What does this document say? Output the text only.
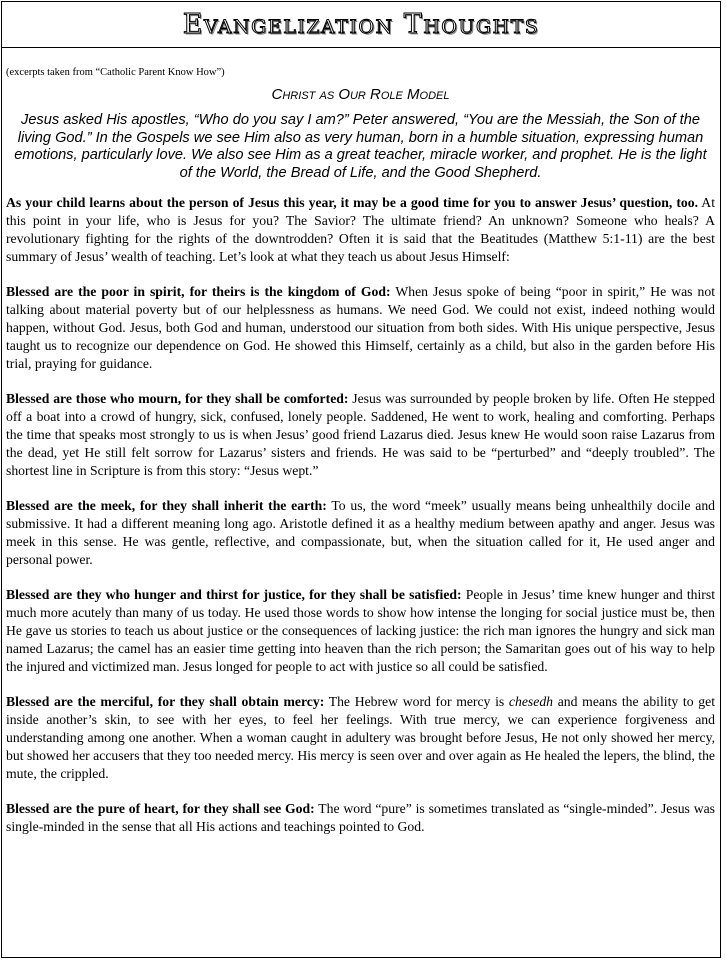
Evangelization Thoughts

(excerpts taken from “Catholic Parent Know How”)

Christ as Our Role Model

Jesus asked His apostles, “Who do you say I am?” Peter answered, “You are the Messiah, the Son of the living God.” In the Gospels we see Him also as very human, born in a humble situation, expressing human emotions, particularly love. We also see Him as a great teacher, miracle worker, and prophet. He is the light of the World, the Bread of Life, and the Good Shepherd.

As your child learns about the person of Jesus this year, it may be a good time for you to answer Jesus’ question, too. At this point in your life, who is Jesus for you? The Savior? The ultimate friend? An unknown? Someone who heals? A revolutionary fighting for the rights of the downtrodden? Often it is said that the Beatitudes (Matthew 5:1-11) are the best summary of Jesus’ wealth of teaching. Let’s look at what they teach us about Jesus Himself:

Blessed are the poor in spirit, for theirs is the kingdom of God: When Jesus spoke of being “poor in spirit,” He was not talking about material poverty but of our helplessness as humans. We need God. We could not exist, indeed nothing would happen, without God. Jesus, both God and human, understood our situation from both sides. With His unique perspective, Jesus taught us to recognize our dependence on God. He showed this Himself, certainly as a child, but also in the garden before His trial, praying for guidance.

Blessed are those who mourn, for they shall be comforted: Jesus was surrounded by people broken by life. Often He stepped off a boat into a crowd of hungry, sick, confused, lonely people. Saddened, He went to work, healing and comforting. Perhaps the time that speaks most strongly to us is when Jesus’ good friend Lazarus died. Jesus knew He would soon raise Lazarus from the dead, yet He still felt sorrow for Lazarus’ sisters and friends. He was said to be “perturbed” and “deeply troubled”. The shortest line in Scripture is from this story: “Jesus wept.”

Blessed are the meek, for they shall inherit the earth: To us, the word “meek” usually means being unhealthily docile and submissive. It had a different meaning long ago. Aristotle defined it as a healthy medium between apathy and anger. Jesus was meek in this sense. He was gentle, reflective, and compassionate, but, when the situation called for it, He used anger and personal power.

Blessed are they who hunger and thirst for justice, for they shall be satisfied: People in Jesus’ time knew hunger and thirst much more acutely than many of us today. He used those words to show how intense the longing for social justice must be, then He gave us stories to teach us about justice or the consequences of lacking justice: the rich man ignores the hungry and sick man named Lazarus; the camel has an easier time getting into heaven than the rich person; the Samaritan goes out of his way to help the injured and victimized man. Jesus longed for people to act with justice so all could be satisfied.

Blessed are the merciful, for they shall obtain mercy: The Hebrew word for mercy is chesedh and means the ability to get inside another’s skin, to see with her eyes, to feel her feelings. With true mercy, we can experience forgiveness and understanding among one another. When a woman caught in adultery was brought before Jesus, He not only showed her mercy, but showed her accusers that they too needed mercy. His mercy is seen over and over again as He healed the lepers, the blind, the mute, the crippled.

Blessed are the pure of heart, for they shall see God: The word “pure” is sometimes translated as “single-minded”. Jesus was single-minded in the sense that all His actions and teachings pointed to God.
